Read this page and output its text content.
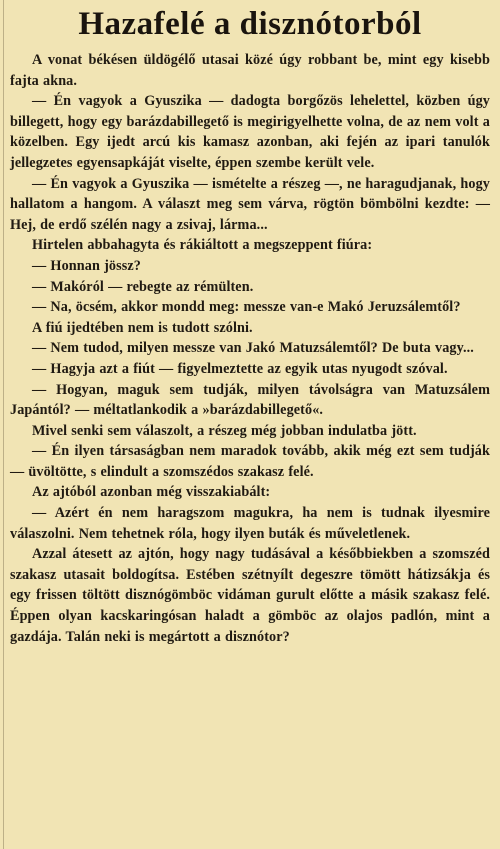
Hazafelé a disznótorból

A vonat békésen üldögélő utasai közé úgy robbant be, mint egy kisebb fajta akna.

— Én vagyok a Gyuszika — dadogta borgőzös lehelettel, közben úgy billegett, hogy egy barázdabillegető is megirigyelhette volna, de az nem volt a közelben. Egy ijedt arcú kis kamasz azonban, aki fején az ipari tanulók jellegzetes egyensapkáját viselte, éppen szembe került vele.

— Én vagyok a Gyuszika — ismételte a részeg —, ne haragudjanak, hogy hallatom a hangom. A választ meg sem várva, rögtön bömbölni kezdte: — Hej, de erdő szélén nagy a zsivaj, lárma...

Hirtelen abbahagyta és rákiáltott a megszeppent fiúra:

— Honnan jössz?

— Makóról — rebegte az rémülten.

— Na, öcsém, akkor mondd meg: messze van-e Makó Jeruzsálemtől?

A fiú ijedtében nem is tudott szólni.

— Nem tudod, milyen messze van Jakó Matuzsálemtől? De buta vagy...

— Hagyja azt a fiút — figyelmeztette az egyik utas nyugodt szóval.

— Hogyan, maguk sem tudják, milyen távolságra van Matuzsálem Japántól? — méltatlankodik a »barázdabillegető«.

Mivel senki sem válaszolt, a részeg még jobban indulatba jött.

— Én ilyen társaságban nem maradok tovább, akik még ezt sem tudják — üvöltötte, s elindult a szomszédos szakasz felé.

Az ajtóból azonban még visszakiabált:

— Azért én nem haragszom magukra, ha nem is tudnak ilyesmire válaszolni. Nem tehetnek róla, hogy ilyen buták és műveletlenek.

Azzal átesett az ajtón, hogy nagy tudásával a későbbiekben a szomszéd szakasz utasait boldogítsa. Estében szétnyílt degeszre tömött hátizsákja és egy frissen töltött disznógömböc vidáman gurult előtte a másik szakasz felé. Éppen olyan kacskaringósan haladt a gömböc az olajos padlón, mint a gazdája. Talán neki is megártott a disznótor?
